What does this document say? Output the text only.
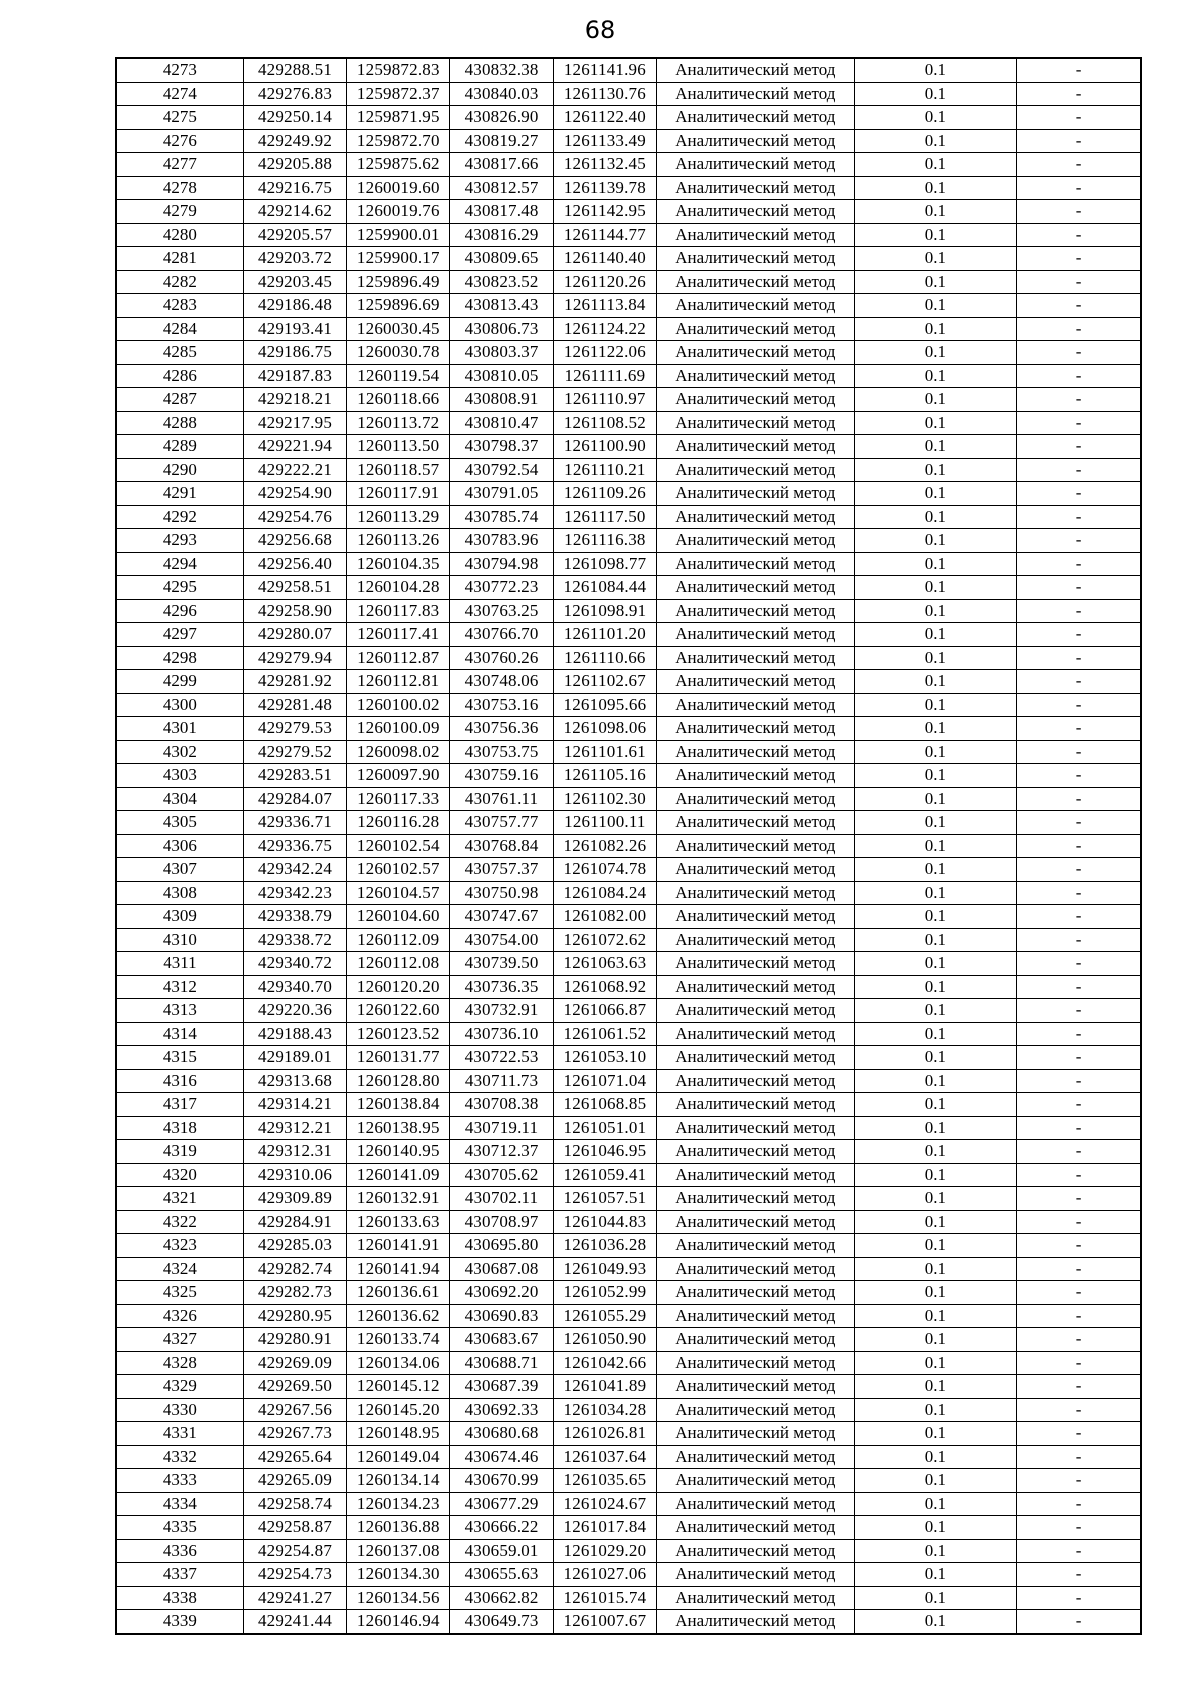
68
4273	429288.51	1259872.83	430832.38	1261141.96	Аналитический метод	0.1	-
4274	429276.83	1259872.37	430840.03	1261130.76	Аналитический метод	0.1	-
4275	429250.14	1259871.95	430826.90	1261122.40	Аналитический метод	0.1	-
4276	429249.92	1259872.70	430819.27	1261133.49	Аналитический метод	0.1	-
4277	429205.88	1259875.62	430817.66	1261132.45	Аналитический метод	0.1	-
4278	429216.75	1260019.60	430812.57	1261139.78	Аналитический метод	0.1	-
4279	429214.62	1260019.76	430817.48	1261142.95	Аналитический метод	0.1	-
4280	429205.57	1259900.01	430816.29	1261144.77	Аналитический метод	0.1	-
4281	429203.72	1259900.17	430809.65	1261140.40	Аналитический метод	0.1	-
4282	429203.45	1259896.49	430823.52	1261120.26	Аналитический метод	0.1	-
4283	429186.48	1259896.69	430813.43	1261113.84	Аналитический метод	0.1	-
4284	429193.41	1260030.45	430806.73	1261124.22	Аналитический метод	0.1	-
4285	429186.75	1260030.78	430803.37	1261122.06	Аналитический метод	0.1	-
4286	429187.83	1260119.54	430810.05	1261111.69	Аналитический метод	0.1	-
4287	429218.21	1260118.66	430808.91	1261110.97	Аналитический метод	0.1	-
4288	429217.95	1260113.72	430810.47	1261108.52	Аналитический метод	0.1	-
4289	429221.94	1260113.50	430798.37	1261100.90	Аналитический метод	0.1	-
4290	429222.21	1260118.57	430792.54	1261110.21	Аналитический метод	0.1	-
4291	429254.90	1260117.91	430791.05	1261109.26	Аналитический метод	0.1	-
4292	429254.76	1260113.29	430785.74	1261117.50	Аналитический метод	0.1	-
4293	429256.68	1260113.26	430783.96	1261116.38	Аналитический метод	0.1	-
4294	429256.40	1260104.35	430794.98	1261098.77	Аналитический метод	0.1	-
4295	429258.51	1260104.28	430772.23	1261084.44	Аналитический метод	0.1	-
4296	429258.90	1260117.83	430763.25	1261098.91	Аналитический метод	0.1	-
4297	429280.07	1260117.41	430766.70	1261101.20	Аналитический метод	0.1	-
4298	429279.94	1260112.87	430760.26	1261110.66	Аналитический метод	0.1	-
4299	429281.92	1260112.81	430748.06	1261102.67	Аналитический метод	0.1	-
4300	429281.48	1260100.02	430753.16	1261095.66	Аналитический метод	0.1	-
4301	429279.53	1260100.09	430756.36	1261098.06	Аналитический метод	0.1	-
4302	429279.52	1260098.02	430753.75	1261101.61	Аналитический метод	0.1	-
4303	429283.51	1260097.90	430759.16	1261105.16	Аналитический метод	0.1	-
4304	429284.07	1260117.33	430761.11	1261102.30	Аналитический метод	0.1	-
4305	429336.71	1260116.28	430757.77	1261100.11	Аналитический метод	0.1	-
4306	429336.75	1260102.54	430768.84	1261082.26	Аналитический метод	0.1	-
4307	429342.24	1260102.57	430757.37	1261074.78	Аналитический метод	0.1	-
4308	429342.23	1260104.57	430750.98	1261084.24	Аналитический метод	0.1	-
4309	429338.79	1260104.60	430747.67	1261082.00	Аналитический метод	0.1	-
4310	429338.72	1260112.09	430754.00	1261072.62	Аналитический метод	0.1	-
4311	429340.72	1260112.08	430739.50	1261063.63	Аналитический метод	0.1	-
4312	429340.70	1260120.20	430736.35	1261068.92	Аналитический метод	0.1	-
4313	429220.36	1260122.60	430732.91	1261066.87	Аналитический метод	0.1	-
4314	429188.43	1260123.52	430736.10	1261061.52	Аналитический метод	0.1	-
4315	429189.01	1260131.77	430722.53	1261053.10	Аналитический метод	0.1	-
4316	429313.68	1260128.80	430711.73	1261071.04	Аналитический метод	0.1	-
4317	429314.21	1260138.84	430708.38	1261068.85	Аналитический метод	0.1	-
4318	429312.21	1260138.95	430719.11	1261051.01	Аналитический метод	0.1	-
4319	429312.31	1260140.95	430712.37	1261046.95	Аналитический метод	0.1	-
4320	429310.06	1260141.09	430705.62	1261059.41	Аналитический метод	0.1	-
4321	429309.89	1260132.91	430702.11	1261057.51	Аналитический метод	0.1	-
4322	429284.91	1260133.63	430708.97	1261044.83	Аналитический метод	0.1	-
4323	429285.03	1260141.91	430695.80	1261036.28	Аналитический метод	0.1	-
4324	429282.74	1260141.94	430687.08	1261049.93	Аналитический метод	0.1	-
4325	429282.73	1260136.61	430692.20	1261052.99	Аналитический метод	0.1	-
4326	429280.95	1260136.62	430690.83	1261055.29	Аналитический метод	0.1	-
4327	429280.91	1260133.74	430683.67	1261050.90	Аналитический метод	0.1	-
4328	429269.09	1260134.06	430688.71	1261042.66	Аналитический метод	0.1	-
4329	429269.50	1260145.12	430687.39	1261041.89	Аналитический метод	0.1	-
4330	429267.56	1260145.20	430692.33	1261034.28	Аналитический метод	0.1	-
4331	429267.73	1260148.95	430680.68	1261026.81	Аналитический метод	0.1	-
4332	429265.64	1260149.04	430674.46	1261037.64	Аналитический метод	0.1	-
4333	429265.09	1260134.14	430670.99	1261035.65	Аналитический метод	0.1	-
4334	429258.74	1260134.23	430677.29	1261024.67	Аналитический метод	0.1	-
4335	429258.87	1260136.88	430666.22	1261017.84	Аналитический метод	0.1	-
4336	429254.87	1260137.08	430659.01	1261029.20	Аналитический метод	0.1	-
4337	429254.73	1260134.30	430655.63	1261027.06	Аналитический метод	0.1	-
4338	429241.27	1260134.56	430662.82	1261015.74	Аналитический метод	0.1	-
4339	429241.44	1260146.94	430649.73	1261007.67	Аналитический метод	0.1	-
